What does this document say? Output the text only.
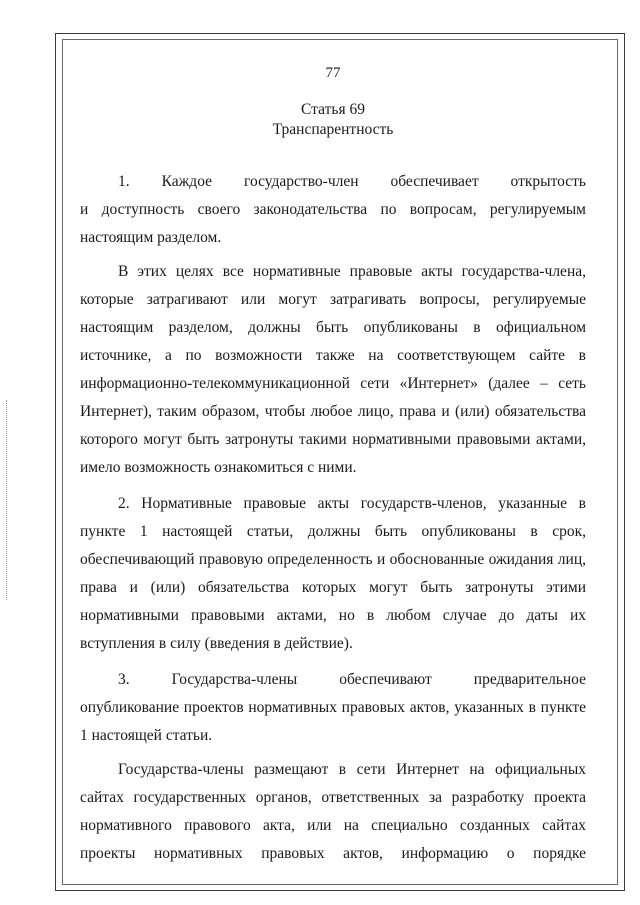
77
Статья 69
Транспарентность
1. Каждое государство-член обеспечивает открытость
и доступность своего законодательства по вопросам, регулируемым настоящим разделом.

В этих целях все нормативные правовые акты государства-члена, которые затрагивают или могут затрагивать вопросы, регулируемые настоящим разделом, должны быть опубликованы в официальном источнике, а по возможности также на соответствующем сайте в информационно-телекоммуникационной сети «Интернет» (далее – сеть Интернет), таким образом, чтобы любое лицо, права и (или) обязательства которого могут быть затронуты такими нормативными правовыми актами, имело возможность ознакомиться с ними.

2. Нормативные правовые акты государств-членов, указанные в пункте 1 настоящей статьи, должны быть опубликованы в срок, обеспечивающий правовую определенность и обоснованные ожидания лиц, права и (или) обязательства которых могут быть затронуты этими нормативными правовыми актами, но в любом случае до даты их вступления в силу (введения в действие).

3. Государства-члены обеспечивают предварительное
опубликование проектов нормативных правовых актов, указанных в пункте 1 настоящей статьи.
Государства-члены размещают в сети Интернет на официальных сайтах государственных органов, ответственных за разработку проекта нормативного правового акта, или на специально созданных сайтах
проекты нормативных правовых актов, информацию о порядке
